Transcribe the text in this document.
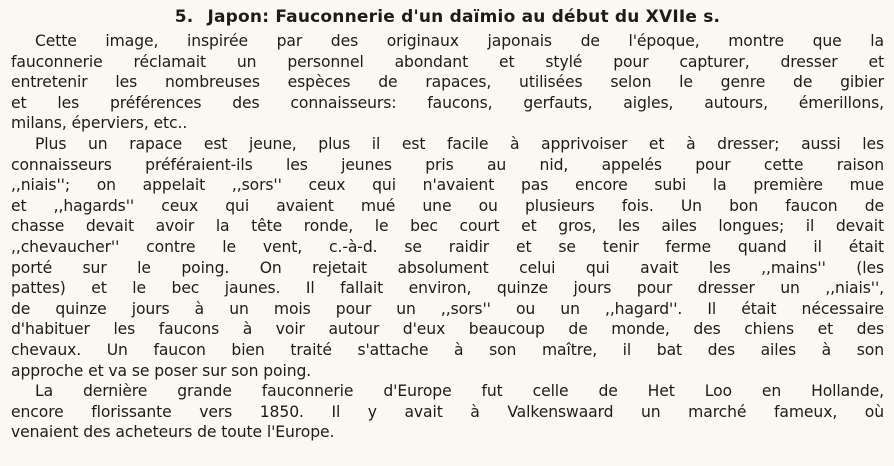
5. Japon: Fauconnerie d'un daïmio au début du XVIIe s.

Cette image, inspirée par des originaux japonais de l'époque, montre que la
fauconnerie réclamait un personnel abondant et stylé pour capturer, dresser et
entretenir les nombreuses espèces de rapaces, utilisées selon le genre de gibier
et les préférences des connaisseurs: faucons, gerfauts, aigles, autours, émerillons,
milans, éperviers, etc..

Plus un rapace est jeune, plus il est facile à apprivoiser et à dresser; aussi les
connaisseurs préféraient-ils les jeunes pris au nid, appelés pour cette raison
,,niais''; on appelait ,,sors'' ceux qui n'avaient pas encore subi la première mue
et ,,hagards'' ceux qui avaient mué une ou plusieurs fois. Un bon faucon de
chasse devait avoir la tête ronde, le bec court et gros, les ailes longues; il devait
,,chevaucher'' contre le vent, c.-à-d. se raidir et se tenir ferme quand il était
porté sur le poing. On rejetait absolument celui qui avait les ,,mains'' (les
pattes) et le bec jaunes. Il fallait environ, quinze jours pour dresser un ,,niais'',
de quinze jours à un mois pour un ,,sors'' ou un ,,hagard''. Il était nécessaire
d'habituer les faucons à voir autour d'eux beaucoup de monde, des chiens et des
chevaux. Un faucon bien traité s'attache à son maître, il bat des ailes à son
approche et va se poser sur son poing.

La dernière grande fauconnerie d'Europe fut celle de Het Loo en Hollande,
encore florissante vers 1850. Il y avait à Valkenswaard un marché fameux, où
venaient des acheteurs de toute l'Europe.
